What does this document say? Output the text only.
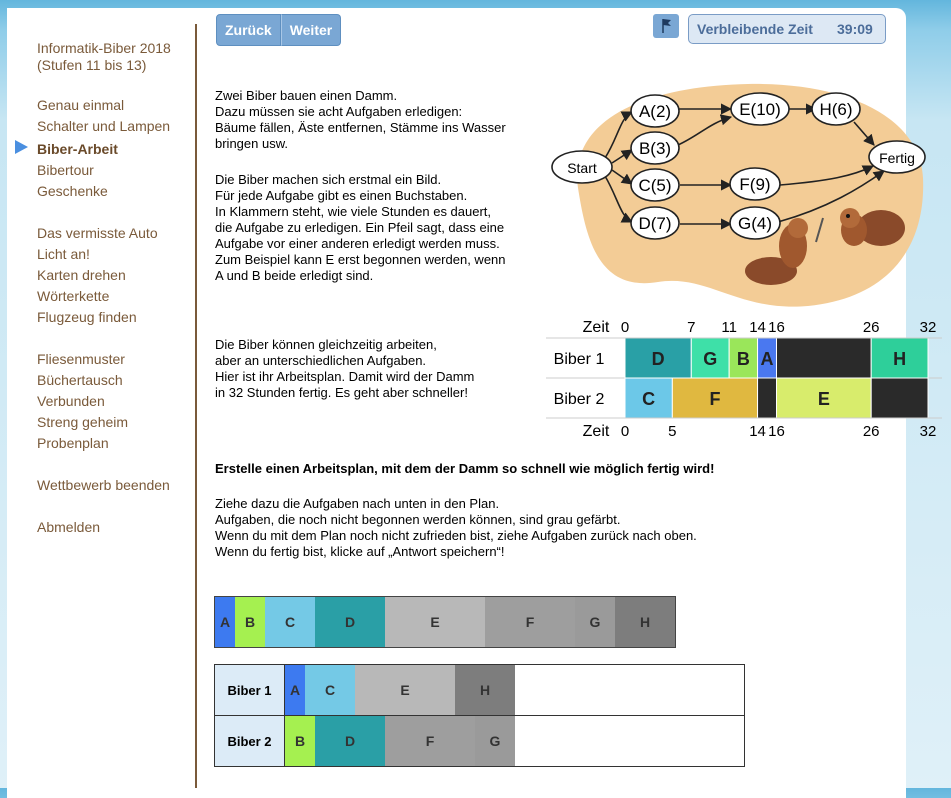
Informatik-Biber 2018
(Stufen 11 bis 13)
Genau einmal
Schalter und Lampen
Biber-Arbeit
Bibertour
Geschenke
Das vermisste Auto
Licht an!
Karten drehen
Wörterkette
Flugzeug finden
Fliesenmuster
Büchertausch
Verbunden
Streng geheim
Probenplan
Wettbewerb beenden
Abmelden
Zurück	Weiter	Verbleibende Zeit 39:09
Zwei Biber bauen einen Damm.
Dazu müssen sie acht Aufgaben erledigen:
Bäume fällen, Äste entfernen, Stämme ins Wasser
bringen usw.
Die Biber machen sich erstmal ein Bild.
Für jede Aufgabe gibt es einen Buchstaben.
In Klammern steht, wie viele Stunden es dauert,
die Aufgabe zu erledigen. Ein Pfeil sagt, dass eine
Aufgabe vor einer anderen erledigt werden muss.
Zum Beispiel kann E erst begonnen werden, wenn
A und B beide erledigt sind.
Die Biber können gleichzeitig arbeiten,
aber an unterschiedlichen Aufgaben.
Hier ist ihr Arbeitsplan. Damit wird der Damm
in 32 Stunden fertig. Es geht aber schneller!
Erstelle einen Arbeitsplan, mit dem der Damm so schnell wie möglich fertig wird!
Ziehe dazu die Aufgaben nach unten in den Plan.
Aufgaben, die noch nicht begonnen werden können, sind grau gefärbt.
Wenn du mit dem Plan noch nicht zufrieden bist, ziehe Aufgaben zurück nach oben.
Wenn du fertig bist, klicke auf „Antwort speichern“!
Start
A(2)
B(3)
C(5)
D(7)
E(10)
F(9)
G(4)
H(6)
Fertig
Zeit
Zeit
0	7 11 14 16	26	32
0	5	14 16	26	32
Biber 1	D G B A	H
Biber 2 C	F	E
A	B	C	D	E	F	G	H
Biber 1	A	C	E	H
Biber 2	B	D	F	G
